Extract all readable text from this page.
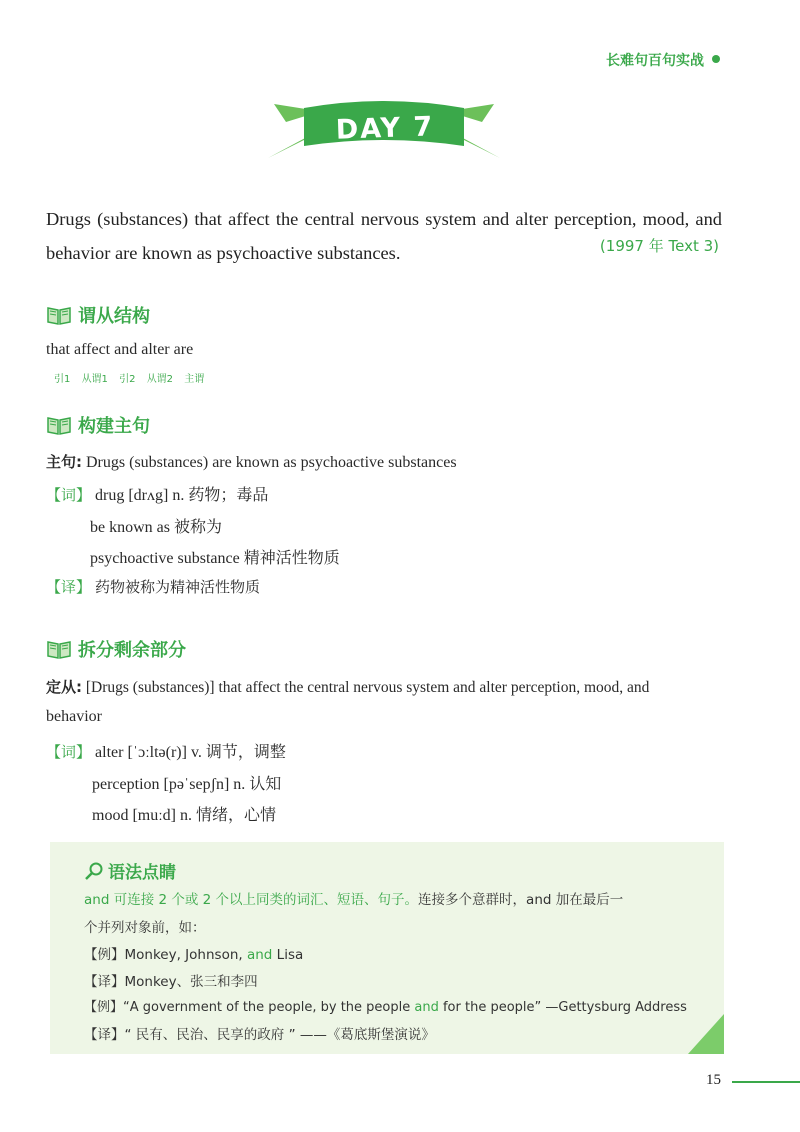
长难句百句实战
DAY 7
Drugs (substances) that affect the central nervous system and alter perception, mood, and behavior are known as psychoactive substances.	(1997 年 Text 3)
谓从结构
that affect and alter are
引1 从谓1 引2 从谓2 主谓
构建主句
主句: Drugs (substances) are known as psychoactive substances
【词】 drug [drʌg] n. 药物；毒品
be known as 被称为
psychoactive substance 精神活性物质
【译】 药物被称为精神活性物质
拆分剩余部分
定从: [Drugs (substances)] that affect the central nervous system and alter perception, mood, and
behavior
【词】 alter [ˈɔːltə(r)] v. 调节，调整
perception [pəˈsepʃn] n. 认知
mood [muːd] n. 情绪，心情
语法点睛
and 可连接 2 个或 2 个以上同类的词汇、短语、句子。连接多个意群时，and 加在最后一
个并列对象前，如：
【例】Monkey, Johnson, and Lisa
【译】Monkey、张三和李四
【例】“A government of the people, by the people and for the people” —Gettysburg Address
【译】“ 民有、民治、民享的政府 ” ——《葛底斯堡演说》
15
